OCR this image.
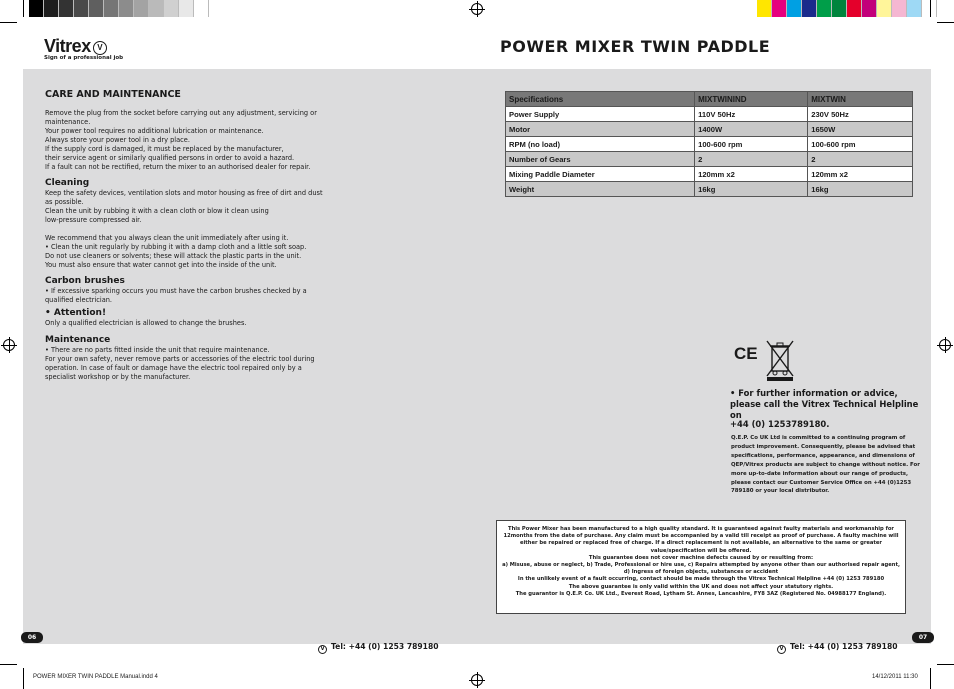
Vitrex V
Sign of a professional job
POWER MIXER TWIN PADDLE
CARE AND MAINTENANCE

Remove the plug from the socket before carrying out any adjustment, servicing or
maintenance.
Your power tool requires no additional lubrication or maintenance.
Always store your power tool in a dry place.
If the supply cord is damaged, it must be replaced by the manufacturer,
their service agent or similarly qualified persons in order to avoid a hazard.
If a fault can not be rectified, return the mixer to an authorised dealer for repair.

Cleaning

Keep the safety devices, ventilation slots and motor housing as free of dirt and dust
as possible.
Clean the unit by rubbing it with a clean cloth or blow it clean using
low-pressure compressed air.

We recommend that you always clean the unit immediately after using it.
• Clean the unit regularly by rubbing it with a damp cloth and a little soft soap.
Do not use cleaners or solvents; these will attack the plastic parts in the unit.
You must also ensure that water cannot get into the inside of the unit.

Carbon brushes

• If excessive sparking occurs you must have the carbon brushes checked by a
qualified electrician.

• Attention!

Only a qualified electrician is allowed to change the brushes.

Maintenance

• There are no parts fitted inside the unit that require maintenance.
For your own safety, never remove parts or accessories of the electric tool during
operation. In case of fault or damage have the electric tool repaired only by a
specialist workshop or by the manufacturer.

Specifications	MIXTWININD	MIXTWIN
Power Supply	110V 50Hz	230V 50Hz
Motor	1400W	1650W
RPM (no load)	100-600 rpm	100-600 rpm
Number of Gears	2	2
Mixing Paddle Diameter	120mm x2	120mm x2
Weight	16kg	16kg
CE
• For further information or advice, please call the Vitrex Technical Helpline on
+44 (0) 1253789180.
Q.E.P. Co UK Ltd is committed to a continuing program of product improvement. Consequently, please be advised that specifications, performance, appearance, and dimensions of QEP/Vitrex products are subject to change without notice. For more up-to-date information about our range of products, please contact our Customer Service Office on +44 (0)1253 789180 or your local distributor.

This Power Mixer has been manufactured to a high quality standard. It is guaranteed against faulty materials and workmanship for 12months from the date of purchase. Any claim must be accompanied by a valid till receipt as proof of purchase. A faulty machine will either be repaired or replaced free of charge. If a direct replacement is not available, an alternative to the same or greater value/specification will be offered.

This guarantee does not cover machine defects caused by or resulting from:

a) Misuse, abuse or neglect, b) Trade, Professional or hire use, c) Repairs attempted by anyone other than our authorised repair agent, d) Ingress of foreign objects, substances or accident

In the unlikely event of a fault occurring, contact should be made through the Vitrex Technical Helpline +44 (0) 1253 789180

The above guarantee is only valid within the UK and does not affect your statutory rights.

The guarantor is Q.E.P. Co. UK Ltd., Everest Road, Lytham St. Annes, Lancashire, FY8 3AZ (Registered No. 04988177 England).

06	07
V Tel: +44 (0) 1253 789180	V Tel: +44 (0) 1253 789180
POWER MIXER TWIN PADDLE Manual.indd 4	14/12/2011 11:30
